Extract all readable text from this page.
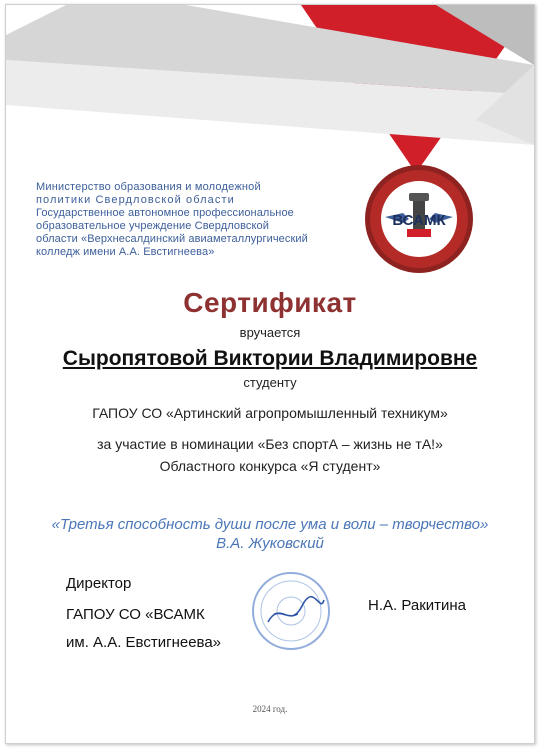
Министерство образования и молодежной
политики Свердловской области
Государственное автономное профессиональное
образовательное учреждение Свердловской
области «Верхнесалдинский авиаметаллургический
колледж имени А.А. Евстигнеева»
ВСАМК
Сертификат
вручается
Сыропятовой Виктории Владимировне
студенту
ГАПОУ СО «Артинский агропромышленный техникум»
за участие в номинации «Без спортА – жизнь не тА!»
Областного конкурса «Я студент»
«Третья способность души после ума и воли – творчество»
В.А. Жуковский
Директор
ГАПОУ СО «ВСАМК
им. А.А. Евстигнеева»
Н.А. Ракитина
2024 год.
